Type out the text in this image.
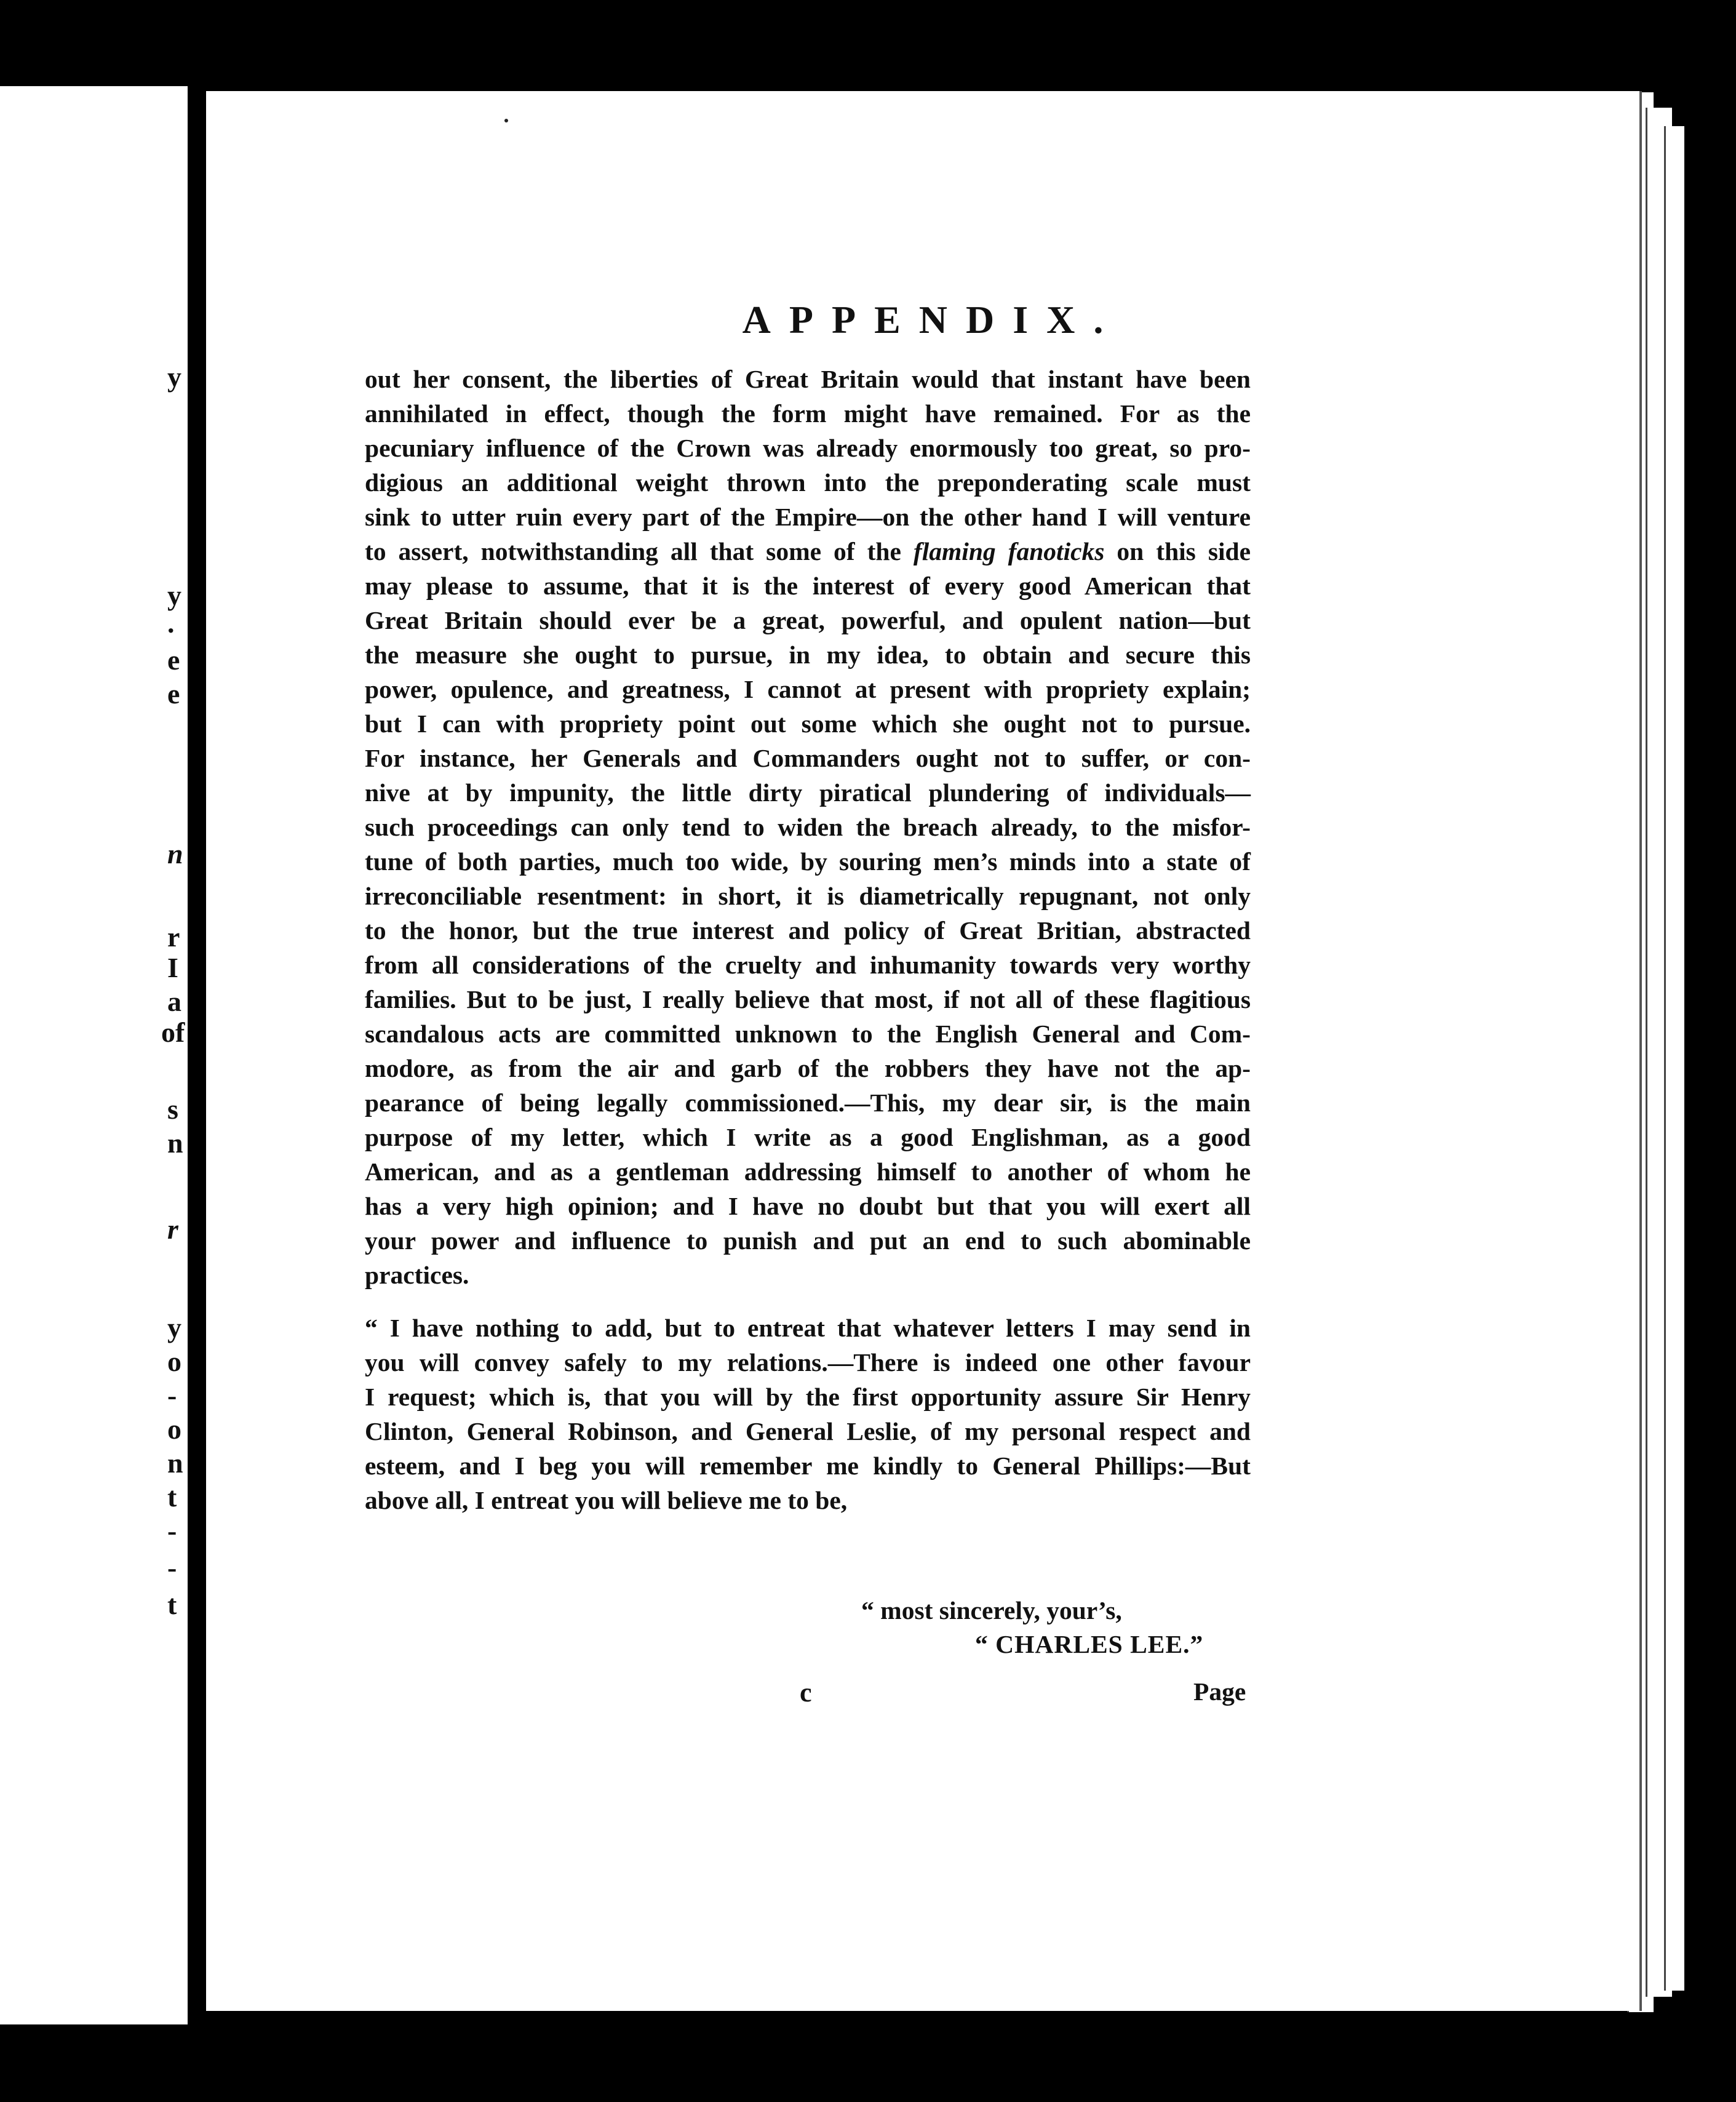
APPENDIX.
out her consent, the liberties of Great Britain would that instant have been
annihilated in effect, though the form might have remained. For as the
pecuniary influence of the Crown was already enormously too great, so pro-
digious an additional weight thrown into the preponderating scale must
sink to utter ruin every part of the Empire—on the other hand I will venture
to assert, notwithstanding all that some of the flaming fanoticks on this side
may please to assume, that it is the interest of every good American that
Great Britain should ever be a great, powerful, and opulent nation—but
the measure she ought to pursue, in my idea, to obtain and secure this
power, opulence, and greatness, I cannot at present with propriety explain;
but I can with propriety point out some which she ought not to pursue.
For instance, her Generals and Commanders ought not to suffer, or con-
nive at by impunity, the little dirty piratical plundering of individuals—
such proceedings can only tend to widen the breach already, to the misfor-
tune of both parties, much too wide, by souring men’s minds into a state of
irreconciliable resentment: in short, it is diametrically repugnant, not only
to the honor, but the true interest and policy of Great Britian, abstracted
from all considerations of the cruelty and inhumanity towards very worthy
families. But to be just, I really believe that most, if not all of these flagitious
scandalous acts are committed unknown to the English General and Com-
modore, as from the air and garb of the robbers they have not the ap-
pearance of being legally commissioned.—This, my dear sir, is the main
purpose of my letter, which I write as a good Englishman, as a good
American, and as a gentleman addressing himself to another of whom he
has a very high opinion; and I have no doubt but that you will exert all
your power and influence to punish and put an end to such abominable
practices.
“ I have nothing to add, but to entreat that whatever letters I may send in
you will convey safely to my relations.—There is indeed one other favour
I request; which is, that you will by the first opportunity assure Sir Henry
Clinton, General Robinson, and General Leslie, of my personal respect and
esteem, and I beg you will remember me kindly to General Phillips:—But
above all, I entreat you will believe me to be,
“ most sincerely, your’s,
“ CHARLES LEE.”
c	Page
y
y
.
e
e
n
r
I
a
of
s
n
r
y
o
-
o
n
t
-
-
t
